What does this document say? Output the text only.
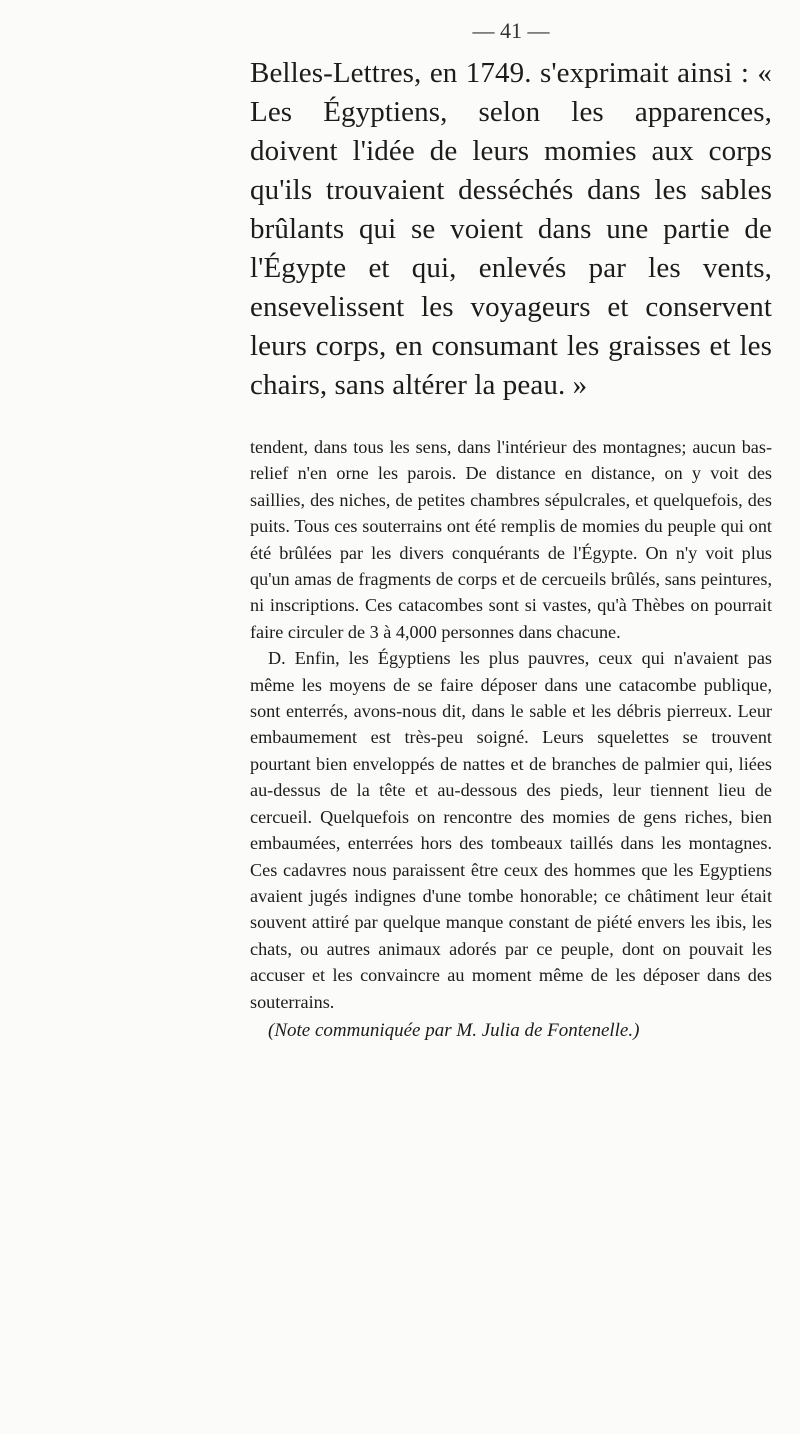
— 41 —

Belles-Lettres, en 1749. s'exprimait ainsi : « Les Égyptiens, selon les apparences, doivent l'idée de leurs momies aux corps qu'ils trouvaient desséchés dans les sables brûlants qui se voient dans une partie de l'Égypte et qui, enlevés par les vents, ensevelissent les voyageurs et conservent leurs corps, en consumant les graisses et les chairs, sans altérer la peau. »

tendent, dans tous les sens, dans l'intérieur des montagnes; aucun bas-relief n'en orne les parois. De distance en distance, on y voit des saillies, des niches, de petites chambres sépulcrales, et quelquefois, des puits. Tous ces souterrains ont été remplis de momies du peuple qui ont été brûlées par les divers conquérants de l'Égypte. On n'y voit plus qu'un amas de fragments de corps et de cercueils brûlés, sans peintures, ni inscriptions. Ces catacombes sont si vastes, qu'à Thèbes on pourrait faire circuler de 3 à 4,000 personnes dans chacune.

D. Enfin, les Égyptiens les plus pauvres, ceux qui n'avaient pas même les moyens de se faire déposer dans une catacombe publique, sont enterrés, avons-nous dit, dans le sable et les débris pierreux. Leur embaumement est très-peu soigné. Leurs squelettes se trouvent pourtant bien enveloppés de nattes et de branches de palmier qui, liées au-dessus de la tête et au-dessous des pieds, leur tiennent lieu de cercueil. Quelquefois on rencontre des momies de gens riches, bien embaumées, enterrées hors des tombeaux taillés dans les montagnes. Ces cadavres nous paraissent être ceux des hommes que les Egyptiens avaient jugés indignes d'une tombe honorable; ce châtiment leur était souvent attiré par quelque manque constant de piété envers les ibis, les chats, ou autres animaux adorés par ce peuple, dont on pouvait les accuser et les convaincre au moment même de les déposer dans des souterrains.

(Note communiquée par M. Julia de Fontenelle.)
